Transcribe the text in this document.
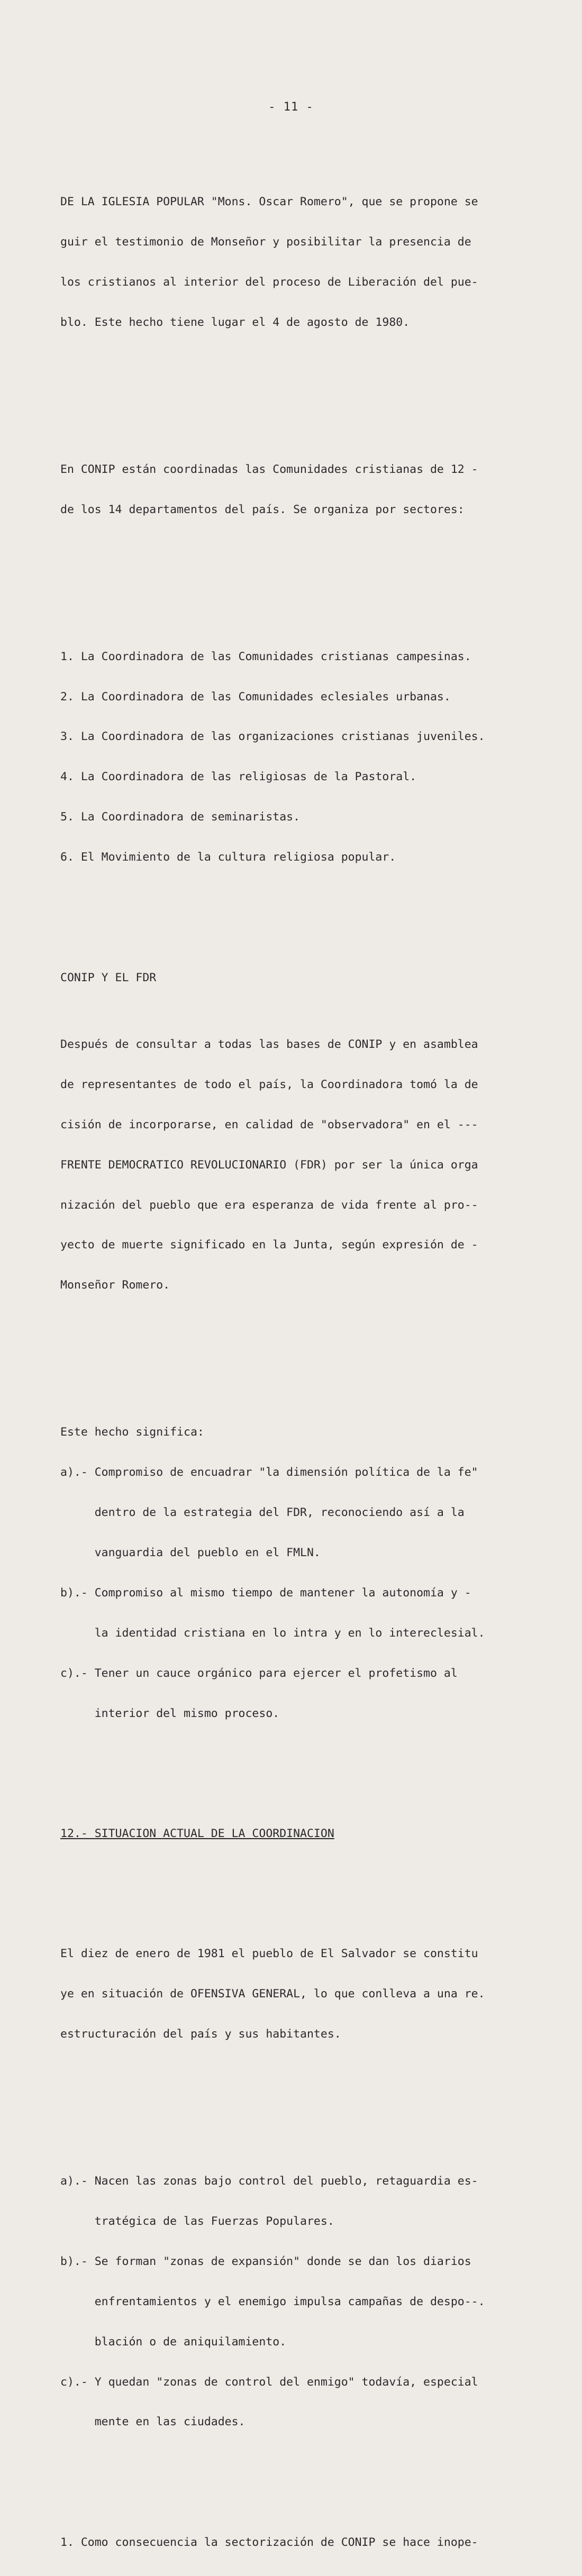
- 11 -

DE LA IGLESIA POPULAR "Mons. Oscar Romero", que se propone se

guir el testimonio de Monseñor y posibilitar la presencia de

los cristianos al interior del proceso de Liberación del pue-

blo. Este hecho tiene lugar el 4 de agosto de 1980.

En CONIP están coordinadas las Comunidades cristianas de 12 -

de los 14 departamentos del país. Se organiza por sectores:

1. La Coordinadora de las Comunidades cristianas campesinas.

2. La Coordinadora de las Comunidades eclesiales urbanas.

3. La Coordinadora de las organizaciones cristianas juveniles.

4. La Coordinadora de las religiosas de la Pastoral.

5. La Coordinadora de seminaristas.

6. El Movimiento de la cultura religiosa popular.

CONIP Y EL FDR

Después de consultar a todas las bases de CONIP y en asamblea

de representantes de todo el país, la Coordinadora tomó la de

cisión de incorporarse, en calidad de "observadora" en el ---

FRENTE DEMOCRATICO REVOLUCIONARIO (FDR) por ser la única orga

nización del pueblo que era esperanza de vida frente al pro--

yecto de muerte significado en la Junta, según expresión de -

Monseñor Romero.

Este hecho significa:

a).- Compromiso de encuadrar "la dimensión política de la fe"

dentro de la estrategia del FDR, reconociendo así a la

vanguardia del pueblo en el FMLN.

b).- Compromiso al mismo tiempo de mantener la autonomía y -

la identidad cristiana en lo intra y en lo intereclesial.

c).- Tener un cauce orgánico para ejercer el profetismo al

interior del mismo proceso.

12.- SITUACION ACTUAL DE LA COORDINACION

El diez de enero de 1981 el pueblo de El Salvador se constitu

ye en situación de OFENSIVA GENERAL, lo que conlleva a una re.

estructuración del país y sus habitantes.

a).- Nacen las zonas bajo control del pueblo, retaguardia es-

tratégica de las Fuerzas Populares.

b).- Se forman "zonas de expansión" donde se dan los diarios

enfrentamientos y el enemigo impulsa campañas de despo--.

blación o de aniquilamiento.

c).- Y quedan "zonas de control del enmigo" todavía, especial

mente en las ciudades.

1. Como consecuencia la sectorización de CONIP se hace inope-
